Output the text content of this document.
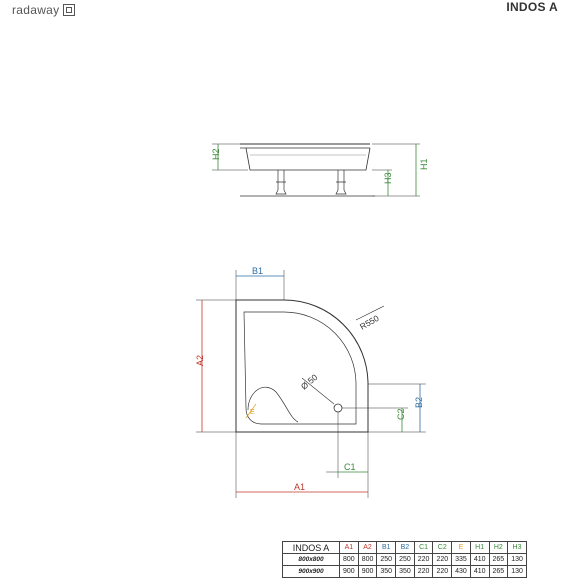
radaway	INDOS A
H2
H1
H3
B1
A2
B2
C2
C1
A1
E
R550
Ø 50
INDOS A	A1	A2	B1	B2	C1	C2	E	H1	H2	H3
800x800	800	800	250	250	220	220	335	410	265	130
900x900	900	900	350	350	220	220	430	410	265	130
